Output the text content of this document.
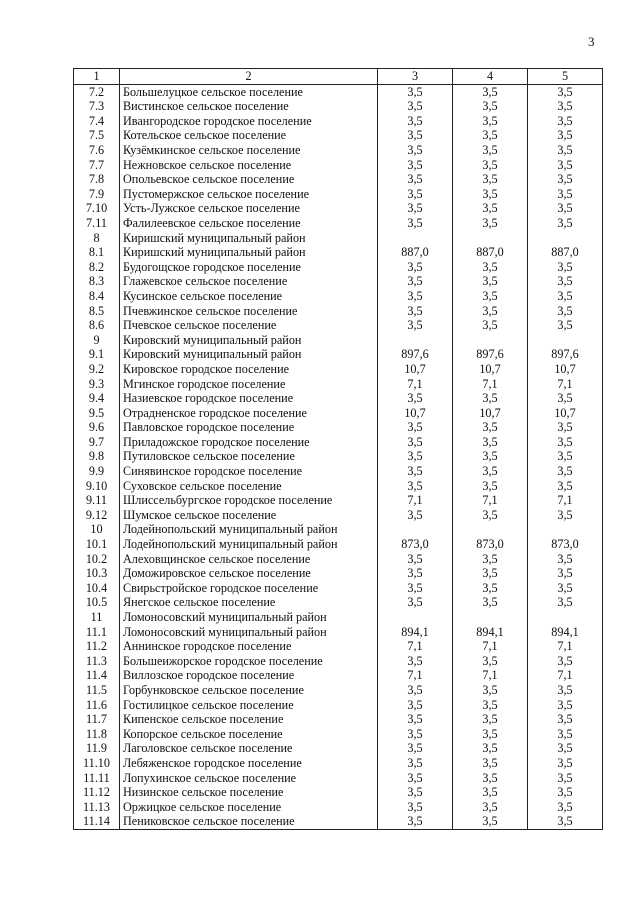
3
1	2	3	4	5
7.2	Большелуцкое сельское поселение	3,5	3,5	3,5
7.3	Вистинское сельское поселение	3,5	3,5	3,5
7.4	Ивангородское городское поселение	3,5	3,5	3,5
7.5	Котельское сельское поселение	3,5	3,5	3,5
7.6	Кузёмкинское сельское поселение	3,5	3,5	3,5
7.7	Нежновское сельское поселение	3,5	3,5	3,5
7.8	Опольевское сельское поселение	3,5	3,5	3,5
7.9	Пустомержское сельское поселение	3,5	3,5	3,5
7.10	Усть-Лужское сельское поселение	3,5	3,5	3,5
7.11	Фалилеевское сельское поселение	3,5	3,5	3,5
8	Киришский муниципальный район			
8.1	Киришский муниципальный район	887,0	887,0	887,0
8.2	Будогощское городское поселение	3,5	3,5	3,5
8.3	Глажевское сельское поселение	3,5	3,5	3,5
8.4	Кусинское сельское поселение	3,5	3,5	3,5
8.5	Пчевжинское сельское поселение	3,5	3,5	3,5
8.6	Пчевское сельское поселение	3,5	3,5	3,5
9	Кировский муниципальный район			
9.1	Кировский муниципальный район	897,6	897,6	897,6
9.2	Кировское городское поселение	10,7	10,7	10,7
9.3	Мгинское городское поселение	7,1	7,1	7,1
9.4	Назиевское городское поселение	3,5	3,5	3,5
9.5	Отрадненское городское поселение	10,7	10,7	10,7
9.6	Павловское городское поселение	3,5	3,5	3,5
9.7	Приладожское городское поселение	3,5	3,5	3,5
9.8	Путиловское сельское поселение	3,5	3,5	3,5
9.9	Синявинское городское поселение	3,5	3,5	3,5
9.10	Суховское сельское поселение	3,5	3,5	3,5
9.11	Шлиссельбургское городское поселение	7,1	7,1	7,1
9.12	Шумское сельское поселение	3,5	3,5	3,5
10	Лодейнопольский муниципальный район			
10.1	Лодейнопольский муниципальный район	873,0	873,0	873,0
10.2	Алеховщинское сельское поселение	3,5	3,5	3,5
10.3	Доможировское сельское поселение	3,5	3,5	3,5
10.4	Свирьстройское городское поселение	3,5	3,5	3,5
10.5	Янегское сельское поселение	3,5	3,5	3,5
11	Ломоносовский муниципальный район			
11.1	Ломоносовский муниципальный район	894,1	894,1	894,1
11.2	Аннинское городское поселение	7,1	7,1	7,1
11.3	Большеижорское городское поселение	3,5	3,5	3,5
11.4	Виллозское городское поселение	7,1	7,1	7,1
11.5	Горбунковское сельское поселение	3,5	3,5	3,5
11.6	Гостилицкое сельское поселение	3,5	3,5	3,5
11.7	Кипенское сельское поселение	3,5	3,5	3,5
11.8	Копорское сельское поселение	3,5	3,5	3,5
11.9	Лаголовское сельское поселение	3,5	3,5	3,5
11.10	Лебяженское городское поселение	3,5	3,5	3,5
11.11	Лопухинское сельское поселение	3,5	3,5	3,5
11.12	Низинское сельское поселение	3,5	3,5	3,5
11.13	Оржицкое сельское поселение	3,5	3,5	3,5
11.14	Пениковское сельское поселение	3,5	3,5	3,5
